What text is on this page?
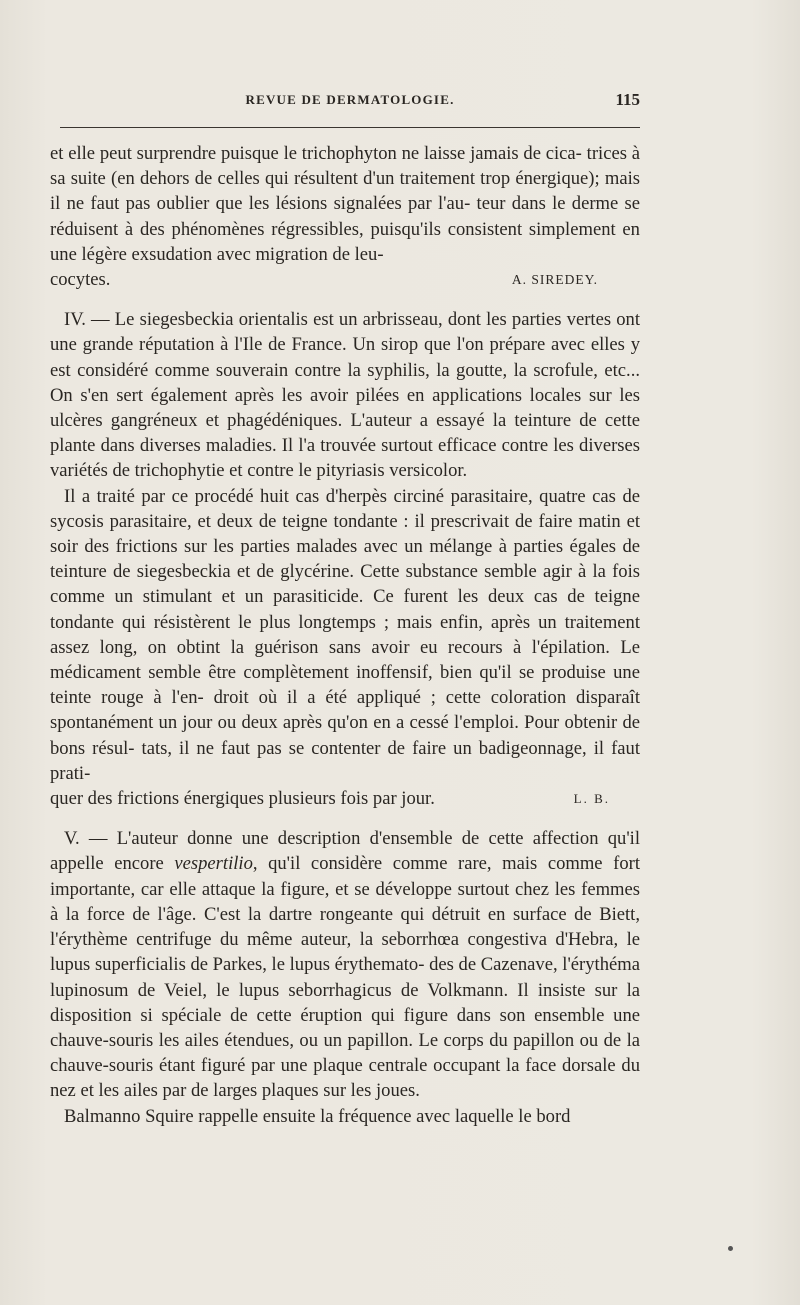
REVUE DE DERMATOLOGIE.	115

et elle peut surprendre puisque le trichophyton ne laisse jamais de cica- trices à sa suite (en dehors de celles qui résultent d'un traitement trop énergique); mais il ne faut pas oublier que les lésions signalées par l'au- teur dans le derme se réduisent à des phénomènes régressibles, puisqu'ils consistent simplement en une légère exsudation avec migration de leu-

cocytes.	A. SIREDEY.

IV. — Le siegesbeckia orientalis est un arbrisseau, dont les parties vertes ont une grande réputation à l'Ile de France. Un sirop que l'on prépare avec elles y est considéré comme souverain contre la syphilis, la goutte, la scrofule, etc... On s'en sert également après les avoir pilées en applications locales sur les ulcères gangréneux et phagédéniques. L'auteur a essayé la teinture de cette plante dans diverses maladies. Il l'a trouvée surtout efficace contre les diverses variétés de trichophytie et contre le pityriasis versicolor.

Il a traité par ce procédé huit cas d'herpès circiné parasitaire, quatre cas de sycosis parasitaire, et deux de teigne tondante : il prescrivait de faire matin et soir des frictions sur les parties malades avec un mélange à parties égales de teinture de siegesbeckia et de glycérine. Cette substance semble agir à la fois comme un stimulant et un parasiticide. Ce furent les deux cas de teigne tondante qui résistèrent le plus longtemps ; mais enfin, après un traitement assez long, on obtint la guérison sans avoir eu recours à l'épilation. Le médicament semble être complètement inoffensif, bien qu'il se produise une teinte rouge à l'en- droit où il a été appliqué ; cette coloration disparaît spontanément un jour ou deux après qu'on en a cessé l'emploi. Pour obtenir de bons résul- tats, il ne faut pas se contenter de faire un badigeonnage, il faut prati-

quer des frictions énergiques plusieurs fois par jour.	L. B.

V. — L'auteur donne une description d'ensemble de cette affection qu'il appelle encore vespertilio, qu'il considère comme rare, mais comme fort importante, car elle attaque la figure, et se développe surtout chez les femmes à la force de l'âge. C'est la dartre rongeante qui détruit en surface de Biett, l'érythème centrifuge du même auteur, la seborrhœa congestiva d'Hebra, le lupus superficialis de Parkes, le lupus érythemato- des de Cazenave, l'érythéma lupinosum de Veiel, le lupus seborrhagicus de Volkmann. Il insiste sur la disposition si spéciale de cette éruption qui figure dans son ensemble une chauve-souris les ailes étendues, ou un papillon. Le corps du papillon ou de la chauve-souris étant figuré par une plaque centrale occupant la face dorsale du nez et les ailes par de larges plaques sur les joues.

Balmanno Squire rappelle ensuite la fréquence avec laquelle le bord
